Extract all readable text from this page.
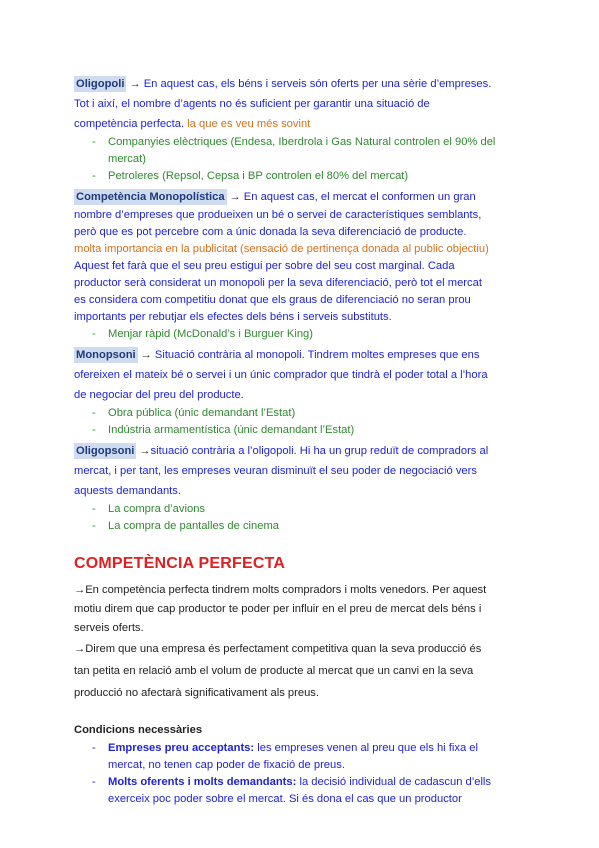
Oligopoli → En aquest cas, els béns i serveis són oferts per una sèrie d’empreses.

Tot i així, el nombre d’agents no és suficient per garantir una situació de

competència perfecta. la que es veu més sovint

- Companyies elèctriques (Endesa, Iberdrola i Gas Natural controlen el 90% del mercat)
- Petroleres (Repsol, Cepsa i BP controlen el 80% del mercat)

Competència Monopolística → En aquest cas, el mercat el conformen un gran

nombre d’empreses que produeixen un bé o servei de característiques semblants,

però que es pot percebre com a únic donada la seva diferenciació de producte.

molta importancia en la publicitat (sensació de pertinença donada al public objectiu)

Aquest fet farà que el seu preu estigui per sobre del seu cost marginal. Cada

productor serà considerat un monopoli per la seva diferenciació, però tot el mercat

es considera com competitiu donat que els graus de diferenciació no seran prou

importants per rebutjar els efectes dels béns i serveis substituts.

- Menjar ràpid (McDonald’s i Burguer King)

Monopsoni → Situació contrària al monopoli. Tindrem moltes empreses que ens

ofereixen el mateix bé o servei i un únic comprador que tindrà el poder total a l’hora

de negociar del preu del producte.

- Obra pública (únic demandant l’Estat)
- Indústria armamentística (únic demandant l’Estat)

Oligopsoni →situació contrària a l’oligopoli. Hi ha un grup reduït de compradors al

mercat, i per tant, les empreses veuran disminuït el seu poder de negociació vers

aquests demandants.

- La compra d’avions
- La compra de pantalles de cinema
COMPETÈNCIA PERFECTA

→En competència perfecta tindrem molts compradors i molts venedors. Per aquest

motiu direm que cap productor te poder per influir en el preu de mercat dels béns i

serveis oferts.

→Direm que una empresa és perfectament competitiva quan la seva producció és

tan petita en relació amb el volum de producte al mercat que un canvi en la seva

producció no afectarà significativament als preus.

Condicions necessàries
- Empreses preu acceptants: les empreses venen al preu que els hi fixa el
mercat, no tenen cap poder de fixació de preus.
- Molts oferents i molts demandants: la decisió individual de cadascun d’ells
exerceix poc poder sobre el mercat. Si és dona el cas que un productor
